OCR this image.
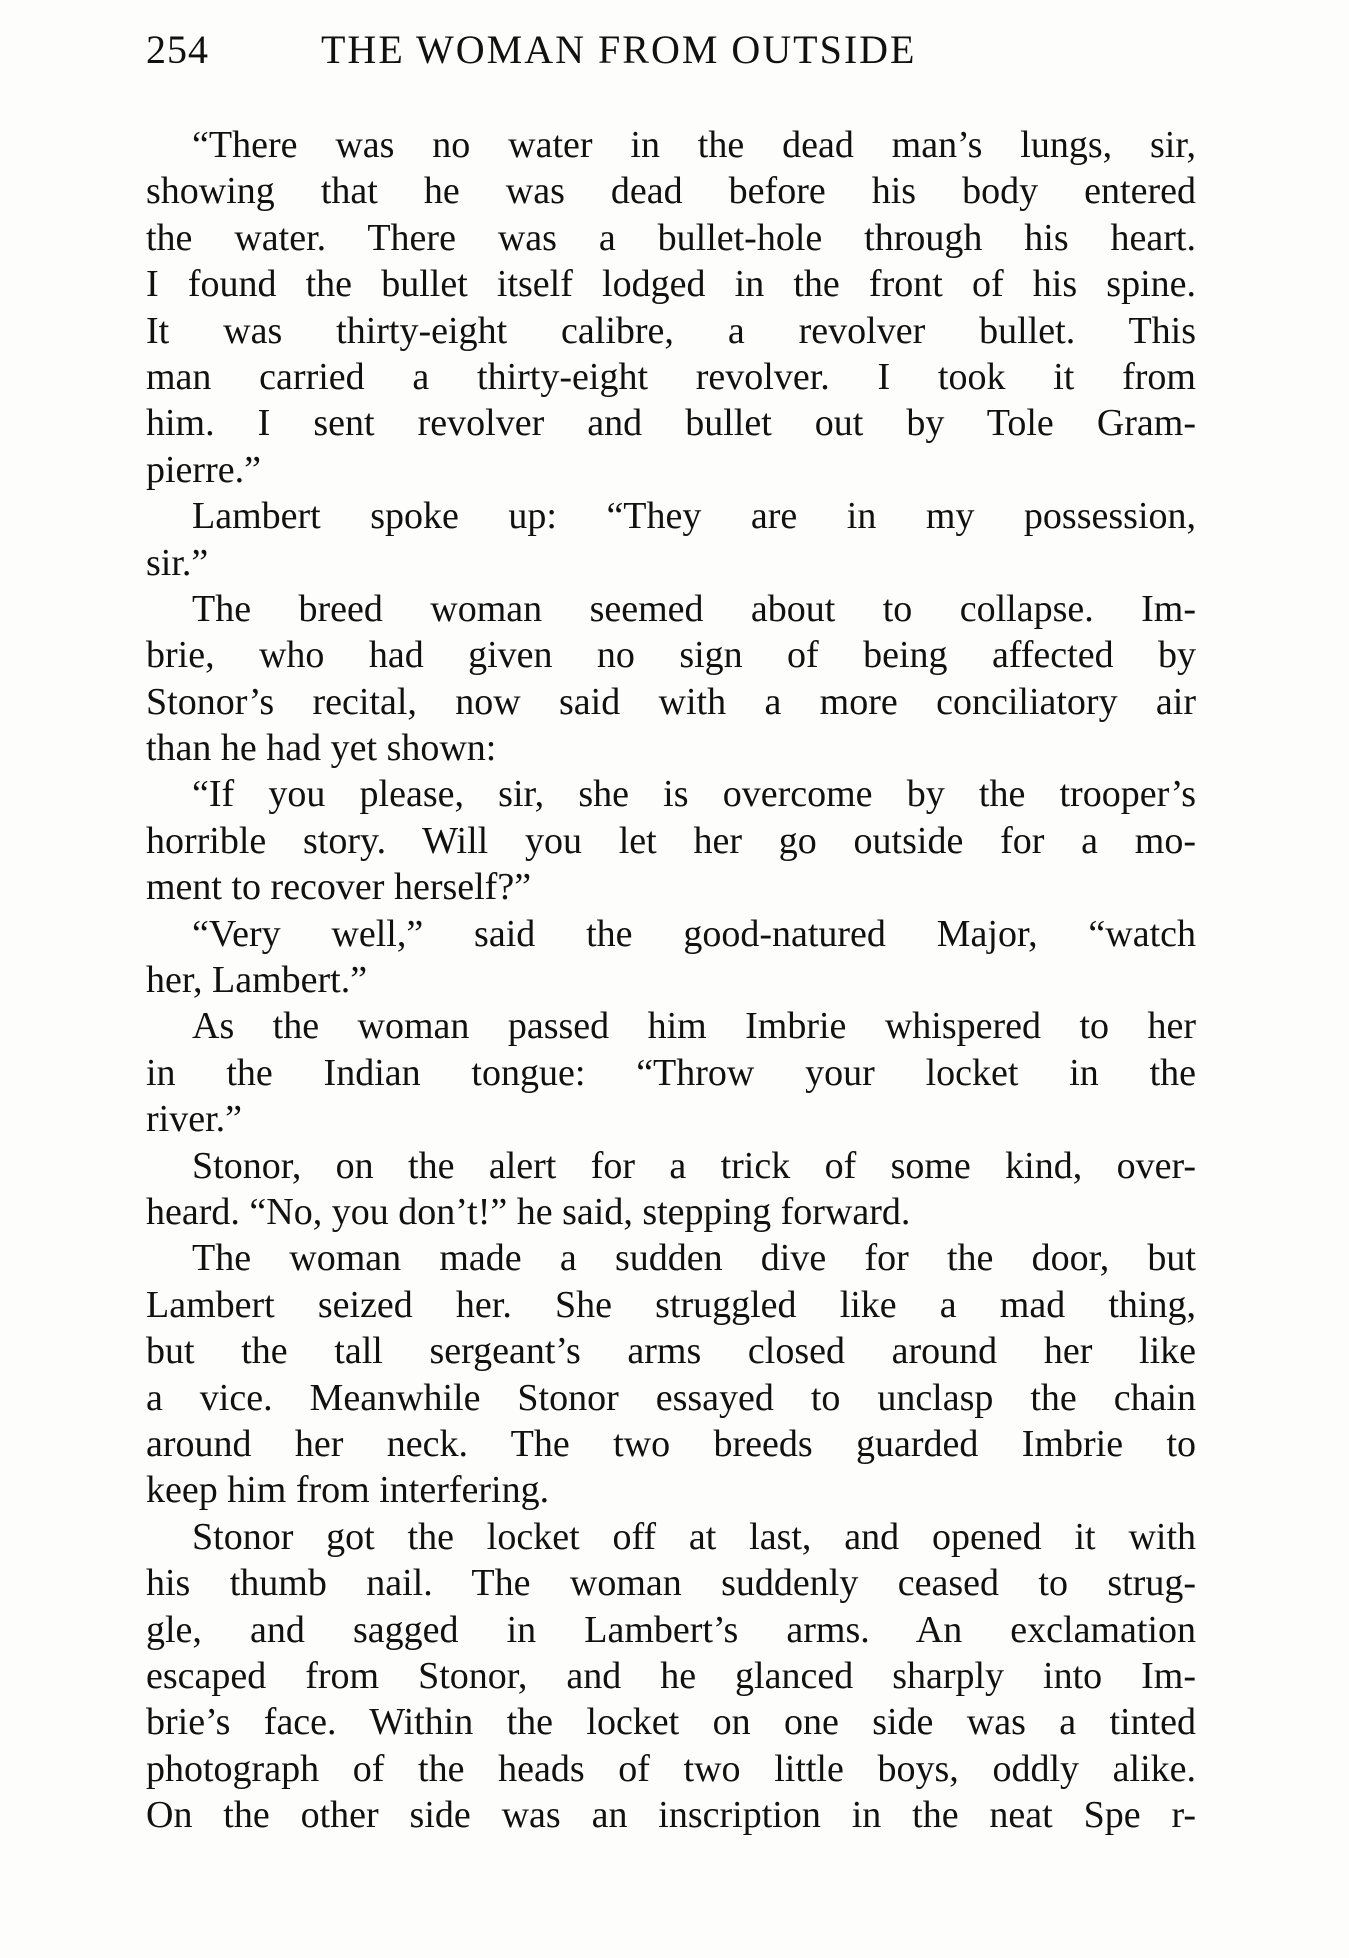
254	THE WOMAN FROM OUTSIDE
“There was no water in the dead man’s lungs, sir,
showing that he was dead before his body entered
the water. There was a bullet-hole through his heart.
I found the bullet itself lodged in the front of his spine.
It was thirty-eight calibre, a revolver bullet. This
man carried a thirty-eight revolver. I took it from
him. I sent revolver and bullet out by Tole Gram-
pierre.”
Lambert spoke up: “They are in my possession,
sir.”
The breed woman seemed about to collapse. Im-
brie, who had given no sign of being affected by
Stonor’s recital, now said with a more conciliatory air
than he had yet shown:
“If you please, sir, she is overcome by the trooper’s
horrible story. Will you let her go outside for a mo-
ment to recover herself?”
“Very well,” said the good-natured Major, “watch
her, Lambert.”
As the woman passed him Imbrie whispered to her
in the Indian tongue: “Throw your locket in the
river.”
Stonor, on the alert for a trick of some kind, over-
heard. “No, you don’t!” he said, stepping forward.
The woman made a sudden dive for the door, but
Lambert seized her. She struggled like a mad thing,
but the tall sergeant’s arms closed around her like
a vice. Meanwhile Stonor essayed to unclasp the chain
around her neck. The two breeds guarded Imbrie to
keep him from interfering.
Stonor got the locket off at last, and opened it with
his thumb nail. The woman suddenly ceased to strug-
gle, and sagged in Lambert’s arms. An exclamation
escaped from Stonor, and he glanced sharply into Im-
brie’s face. Within the locket on one side was a tinted
photograph of the heads of two little boys, oddly alike.
On the other side was an inscription in the neat Spe r-
